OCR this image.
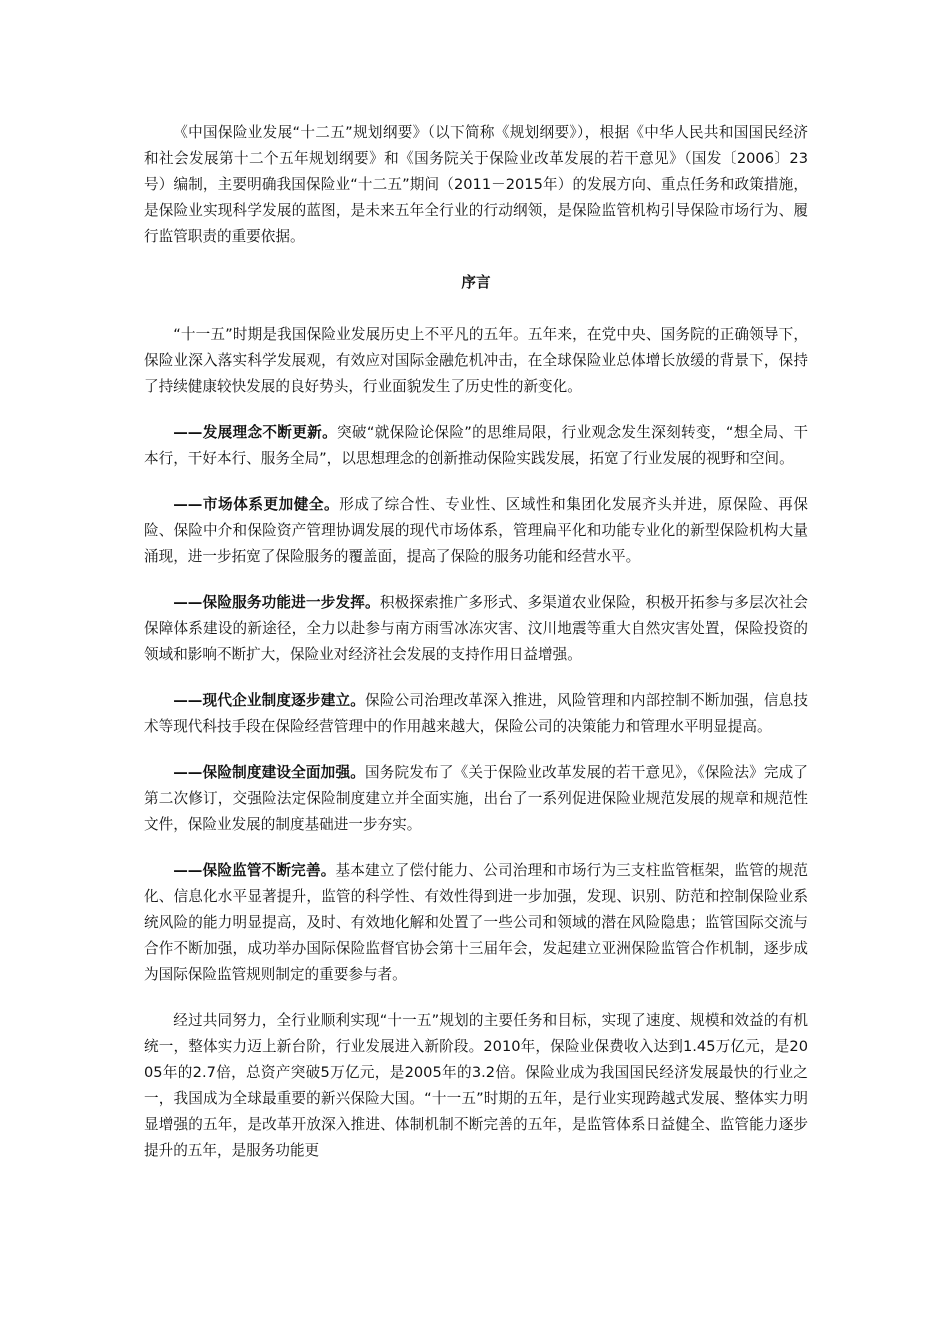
《中国保险业发展“十二五”规划纲要》（以下简称《规划纲要》），根据《中华人民共和国国民经济和社会发展第十二个五年规划纲要》和《国务院关于保险业改革发展的若干意见》（国发〔2006〕23号）编制，主要明确我国保险业“十二五”期间（2011－2015年）的发展方向、重点任务和政策措施，是保险业实现科学发展的蓝图，是未来五年全行业的行动纲领，是保险监管机构引导保险市场行为、履行监管职责的重要依据。

序言

“十一五”时期是我国保险业发展历史上不平凡的五年。五年来，在党中央、国务院的正确领导下，保险业深入落实科学发展观，有效应对国际金融危机冲击，在全球保险业总体增长放缓的背景下，保持了持续健康较快发展的良好势头，行业面貌发生了历史性的新变化。

——发展理念不断更新。突破“就保险论保险”的思维局限，行业观念发生深刻转变，“想全局、干本行，干好本行、服务全局”，以思想理念的创新推动保险实践发展，拓宽了行业发展的视野和空间。

——市场体系更加健全。形成了综合性、专业性、区域性和集团化发展齐头并进，原保险、再保险、保险中介和保险资产管理协调发展的现代市场体系，管理扁平化和功能专业化的新型保险机构大量涌现，进一步拓宽了保险服务的覆盖面，提高了保险的服务功能和经营水平。

——保险服务功能进一步发挥。积极探索推广多形式、多渠道农业保险，积极开拓参与多层次社会保障体系建设的新途径，全力以赴参与南方雨雪冰冻灾害、汶川地震等重大自然灾害处置，保险投资的领域和影响不断扩大，保险业对经济社会发展的支持作用日益增强。

——现代企业制度逐步建立。保险公司治理改革深入推进，风险管理和内部控制不断加强，信息技术等现代科技手段在保险经营管理中的作用越来越大，保险公司的决策能力和管理水平明显提高。

——保险制度建设全面加强。国务院发布了《关于保险业改革发展的若干意见》，《保险法》完成了第二次修订，交强险法定保险制度建立并全面实施，出台了一系列促进保险业规范发展的规章和规范性文件，保险业发展的制度基础进一步夯实。

——保险监管不断完善。基本建立了偿付能力、公司治理和市场行为三支柱监管框架，监管的规范化、信息化水平显著提升，监管的科学性、有效性得到进一步加强，发现、识别、防范和控制保险业系统风险的能力明显提高，及时、有效地化解和处置了一些公司和领域的潜在风险隐患；监管国际交流与合作不断加强，成功举办国际保险监督官协会第十三届年会，发起建立亚洲保险监管合作机制，逐步成为国际保险监管规则制定的重要参与者。

经过共同努力，全行业顺利实现“十一五”规划的主要任务和目标，实现了速度、规模和效益的有机统一，整体实力迈上新台阶，行业发展进入新阶段。2010年，保险业保费收入达到1.45万亿元，是2005年的2.7倍，总资产突破5万亿元，是2005年的3.2倍。保险业成为我国国民经济发展最快的行业之一，我国成为全球最重要的新兴保险大国。“十一五”时期的五年，是行业实现跨越式发展、整体实力明显增强的五年，是改革开放深入推进、体制机制不断完善的五年，是监管体系日益健全、监管能力逐步提升的五年，是服务功能更
